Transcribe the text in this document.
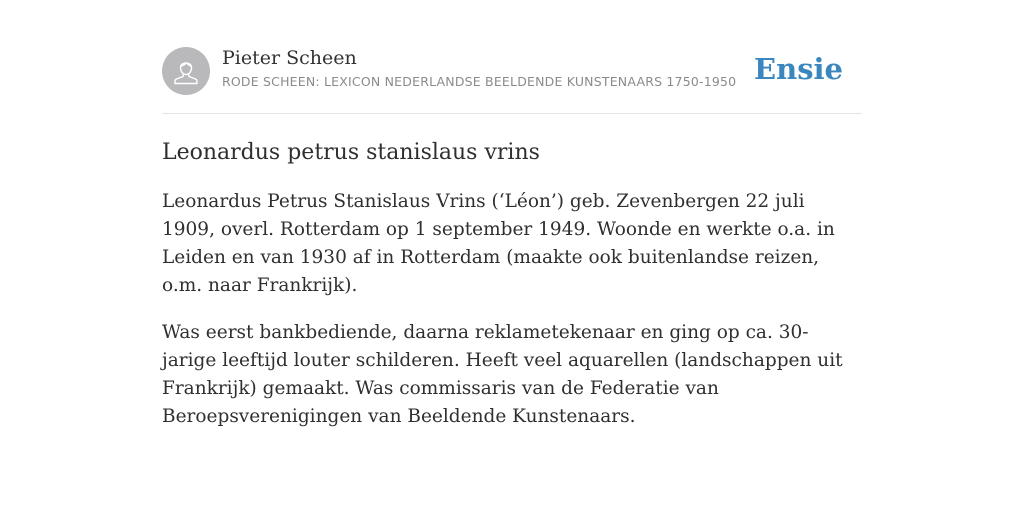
Pieter Scheen
RODE SCHEEN: LEXICON NEDERLANDSE BEELDENDE KUNSTENAARS 1750-1950 Ensie
Leonardus petrus stanislaus vrins

Leonardus Petrus Stanislaus Vrins (‘Léon’) geb. Zevenbergen 22 juli 1909, overl. Rotterdam op 1 september 1949. Woonde en werkte o.a. in Leiden en van 1930 af in Rotterdam (maakte ook buitenlandse reizen, o.m. naar Frankrijk).

Was eerst bankbediende, daarna reklametekenaar en ging op ca. 30-jarige leeftijd louter schilderen. Heeft veel aquarellen (landschappen uit Frankrijk) gemaakt. Was commissaris van de Federatie van Beroepsverenigingen van Beeldende Kunstenaars.
